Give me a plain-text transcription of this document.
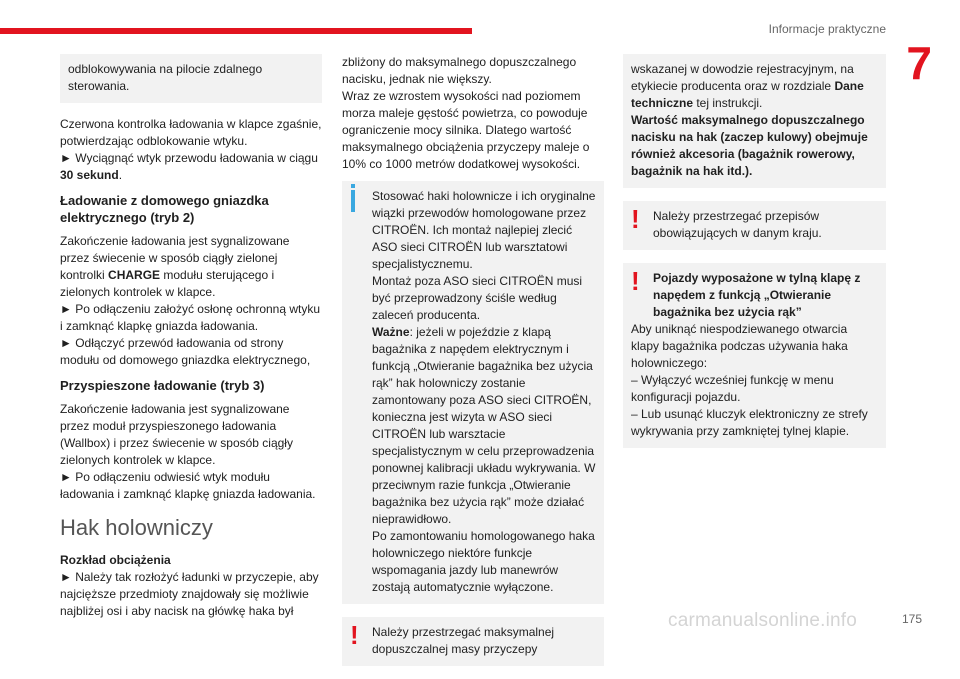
Informacje praktyczne
7

odblokowywania na pilocie zdalnego sterowania.

Czerwona kontrolka ładowania w klapce zgaśnie, potwierdzając odblokowanie wtyku.

► Wyciągnąć wtyk przewodu ładowania w ciągu 30 sekund.

Ładowanie z domowego gniazdka elektrycznego (tryb 2)

Zakończenie ładowania jest sygnalizowane przez świecenie w sposób ciągły zielonej kontrolki CHARGE modułu sterującego i zielonych kontrolek w klapce.

► Po odłączeniu założyć osłonę ochronną wtyku i zamknąć klapkę gniazda ładowania.

► Odłączyć przewód ładowania od strony modułu od domowego gniazdka elektrycznego,

Przyspieszone ładowanie (tryb 3)

Zakończenie ładowania jest sygnalizowane przez moduł przyspieszonego ładowania (Wallbox) i przez świecenie w sposób ciągły zielonych kontrolek w klapce.

► Po odłączeniu odwiesić wtyk modułu ładowania i zamknąć klapkę gniazda ładowania.

Hak holowniczy

Rozkład obciążenia

► Należy tak rozłożyć ładunki w przyczepie, aby najcięższe przedmioty znajdowały się możliwie najbliżej osi i aby nacisk na główkę haka był

zbliżony do maksymalnego dopuszczalnego nacisku, jednak nie większy.

Wraz ze wzrostem wysokości nad poziomem morza maleje gęstość powietrza, co powoduje ograniczenie mocy silnika. Dlatego wartość maksymalnego obciążenia przyczepy maleje o 10% co 1000 metrów dodatkowej wysokości.

Stosować haki holownicze i ich oryginalne wiązki przewodów homologowane przez CITROËN. Ich montaż najlepiej zlecić ASO sieci CITROËN lub warsztatowi specjalistycznemu.

Montaż poza ASO sieci CITROËN musi być przeprowadzony ściśle według zaleceń producenta.

Ważne: jeżeli w pojeździe z klapą bagażnika z napędem elektrycznym i funkcją „Otwieranie bagażnika bez użycia rąk” hak holowniczy zostanie zamontowany poza ASO sieci CITROËN, konieczna jest wizyta w ASO sieci CITROËN lub warsztacie specjalistycznym w celu przeprowadzenia ponownej kalibracji układu wykrywania. W przeciwnym razie funkcja „Otwieranie bagażnika bez użycia rąk” może działać nieprawidłowo.

Po zamontowaniu homologowanego haka holowniczego niektóre funkcje wspomagania jazdy lub manewrów zostają automatycznie wyłączone.

! Należy przestrzegać maksymalnej dopuszczalnej masy przyczepy

wskazanej w dowodzie rejestracyjnym, na etykiecie producenta oraz w rozdziale Dane techniczne tej instrukcji.

Wartość maksymalnego dopuszczalnego nacisku na hak (zaczep kulowy) obejmuje również akcesoria (bagażnik rowerowy, bagażnik na hak itd.).

! Należy przestrzegać przepisów obowiązujących w danym kraju.

!	Pojazdy wyposażone w tylną klapę z napędem z funkcją „Otwieranie bagażnika bez użycia rąk”

Aby uniknąć niespodziewanego otwarcia klapy bagażnika podczas używania haka holowniczego:

– Wyłączyć wcześniej funkcję w menu konfiguracji pojazdu.

– Lub usunąć kluczyk elektroniczny ze strefy wykrywania przy zamkniętej tylnej klapie.

carmanualsonline.info	175
